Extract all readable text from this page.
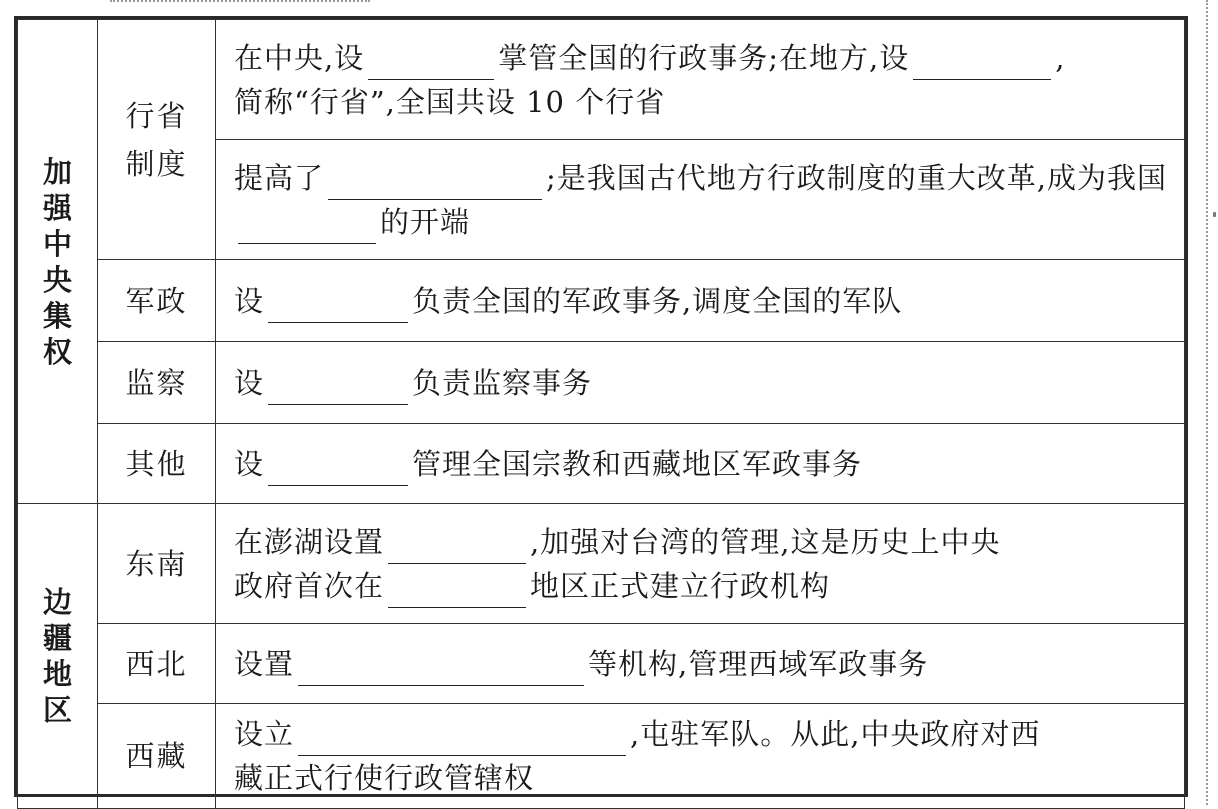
加强中央集权	行省制度	在中央,设 掌管全国的行政事务;在地方,设 ,
简称“行省”,全国共设 10 个行省
		提高了 ;是我国古代地方行政制度的重大改革,成为我国的开端
	军政	设 负责全国的军政事务,调度全国的军队
	监察	设 负责监察事务
	其他	设 管理全国宗教和西藏地区军政事务
边疆地区	东南	在澎湖设置 ,加强对台湾的管理,这是历史上中央
政府首次在 地区正式建立行政机构
	西北	设置 等机构,管理西域军政事务
	西藏	设立 ,屯驻军队。从此,中央政府对西
藏正式行使行政管辖权
